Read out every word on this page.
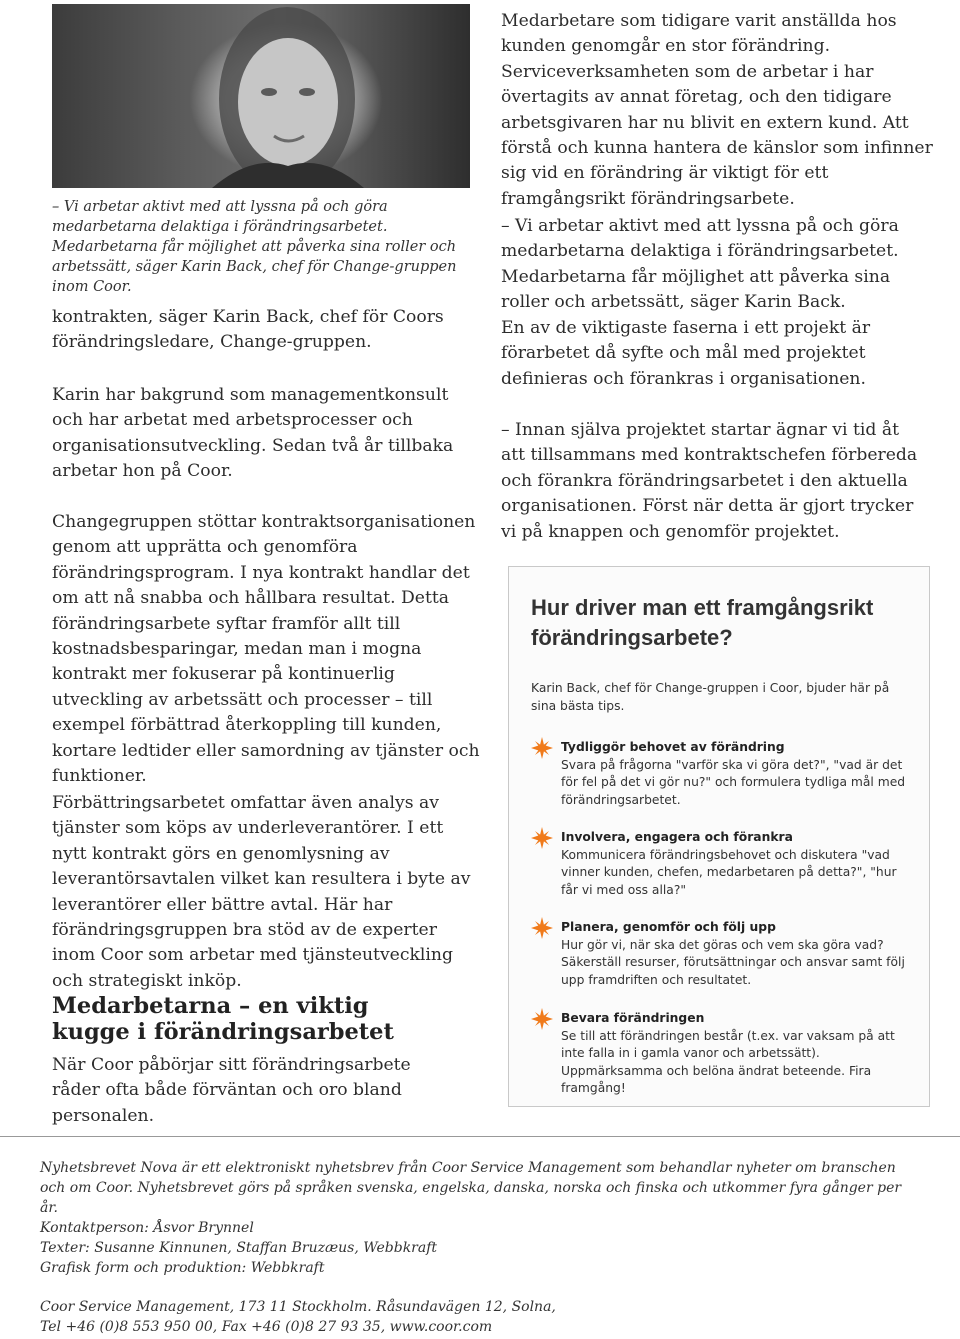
– Vi arbetar aktivt med att lyssna på och göra medarbetarna delaktiga i förändringsarbetet. Medarbetarna får möjlighet att påverka sina roller och arbetssätt, säger Karin Back, chef för Change-gruppen inom Coor.

kontrakten, säger Karin Back, chef för Coors förändringsledare, Change-gruppen.

Karin har bakgrund som managementkonsult och har arbetat med arbetsprocesser och organisationsutveckling. Sedan två år tillbaka arbetar hon på Coor.

Changegruppen stöttar kontraktsorganisationen genom att upprätta och genomföra förändringsprogram. I nya kontrakt handlar det om att nå snabba och hållbara resultat. Detta förändringsarbete syftar framför allt till kostnadsbesparingar, medan man i mogna kontrakt mer fokuserar på kontinuerlig utveckling av arbetssätt och processer – till exempel förbättrad återkoppling till kunden, kortare ledtider eller samordning av tjänster och funktioner.

Förbättringsarbetet omfattar även analys av tjänster som köps av underleverantörer. I ett nytt kontrakt görs en genomlysning av leverantörsavtalen vilket kan resultera i byte av leverantörer eller bättre avtal. Här har förändringsgruppen bra stöd av de experter inom Coor som arbetar med tjänsteutveckling och strategiskt inköp.

Medarbetarna – en viktig kugge i förändringsarbetet

När Coor påbörjar sitt förändringsarbete råder ofta både förväntan och oro bland personalen.

Medarbetare som tidigare varit anställda hos kunden genomgår en stor förändring. Serviceverksamheten som de arbetar i har övertagits av annat företag, och den tidigare arbetsgivaren har nu blivit en extern kund. Att förstå och kunna hantera de känslor som infinner sig vid en förändring är viktigt för ett framgångsrikt förändringsarbete.

– Vi arbetar aktivt med att lyssna på och göra medarbetarna delaktiga i förändringsarbetet. Medarbetarna får möjlighet att påverka sina roller och arbetssätt, säger Karin Back.

En av de viktigaste faserna i ett projekt är förarbetet då syfte och mål med projektet definieras och förankras i organisationen.

– Innan själva projektet startar ägnar vi tid åt att tillsammans med kontraktschefen förbereda och förankra förändringsarbetet i den aktuella organisationen. Först när detta är gjort trycker vi på knappen och genomför projektet.

Hur driver man ett framgångsrikt förändringsarbete?
Karin Back, chef för Change-gruppen i Coor, bjuder här på sina bästa tips.
Tydliggör behovet av förändring
Svara på frågorna "varför ska vi göra det?", "vad är det för fel på det vi gör nu?" och formulera tydliga mål med förändringsarbetet.
Involvera, engagera och förankra
Kommunicera förändringsbehovet och diskutera "vad vinner kunden, chefen, medarbetaren på detta?", "hur får vi med oss alla?"
Planera, genomför och följ upp
Hur gör vi, när ska det göras och vem ska göra vad? Säkerställ resurser, förutsättningar och ansvar samt följ upp framdriften och resultatet.
Bevara förändringen
Se till att förändringen består (t.ex. var vaksam på att inte falla in i gamla vanor och arbetssätt). Uppmärksamma och belöna ändrat beteende. Fira framgång!
Nyhetsbrevet Nova är ett elektroniskt nyhetsbrev från Coor Service Management som behandlar nyheter om branschen och om Coor. Nyhetsbrevet görs på språken svenska, engelska, danska, norska och finska och utkommer fyra gånger per år.
Kontaktperson: Åsvor Brynnel
Texter: Susanne Kinnunen, Staffan Bruzæus, Webbkraft
Grafisk form och produktion: Webbkraft
Coor Service Management, 173 11 Stockholm. Råsundavägen 12, Solna,
Tel +46 (0)8 553 950 00, Fax +46 (0)8 27 93 35, www.coor.com
